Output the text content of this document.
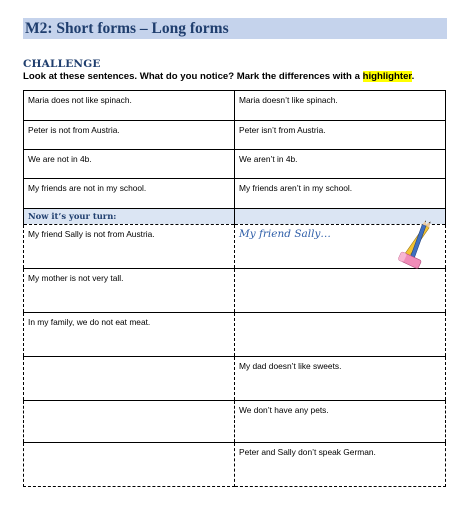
M2: Short forms – Long forms
CHALLENGE
Look at these sentences. What do you notice? Mark the differences with a highlighter.
Maria does not like spinach.	Maria doesn’t like spinach.
Peter is not from Austria.	Peter isn’t from Austria.
We are not in 4b.	We aren’t in 4b.
My friends are not in my school.	My friends aren’t in my school.
Now it’s your turn:	
My friend Sally is not from Austria.	My friend Sally…
My mother is not very tall.	
In my family, we do not eat meat.	
	My dad doesn’t like sweets.
	We don’t have any pets.
	Peter and Sally don’t speak German.
